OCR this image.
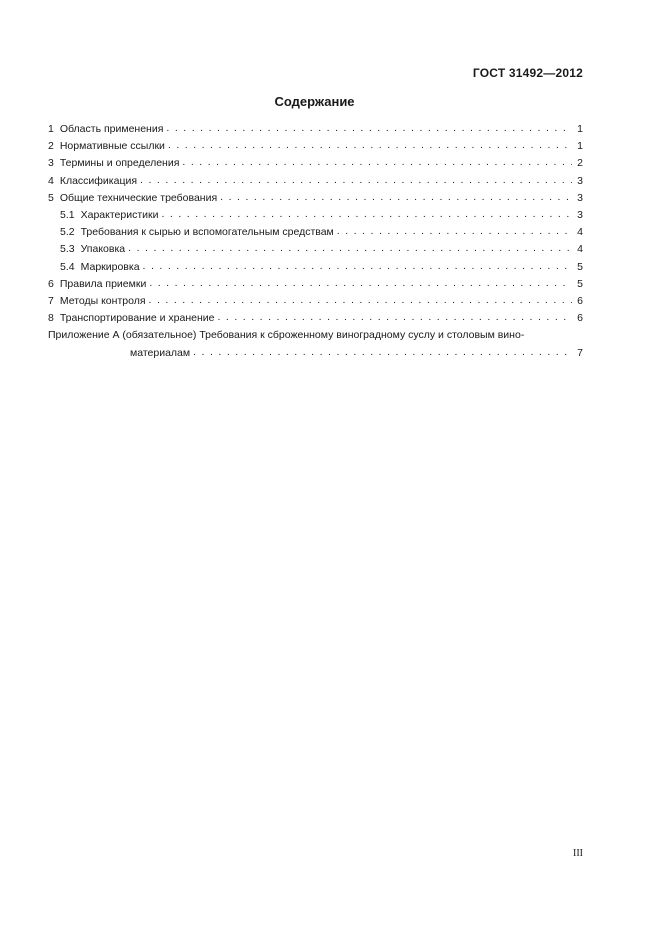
ГОСТ 31492—2012
Содержание
1 Область применения . . .	1
2 Нормативные ссылки . . .	1
3 Термины и определения . . .	2
4 Классификация . . .	3
5 Общие технические требования . . .	3
5.1 Характеристики . . .	3
5.2 Требования к сырью и вспомогательным средствам . . .	4
5.3 Упаковка . . .	4
5.4 Маркировка . . .	5
6 Правила приемки . . .	5
7 Методы контроля . . .	6
8 Транспортирование и хранение . . .	6
Приложение А (обязательное) Требования к сброженному виноградному суслу и столовым вино-
материалам . . .	7
III
